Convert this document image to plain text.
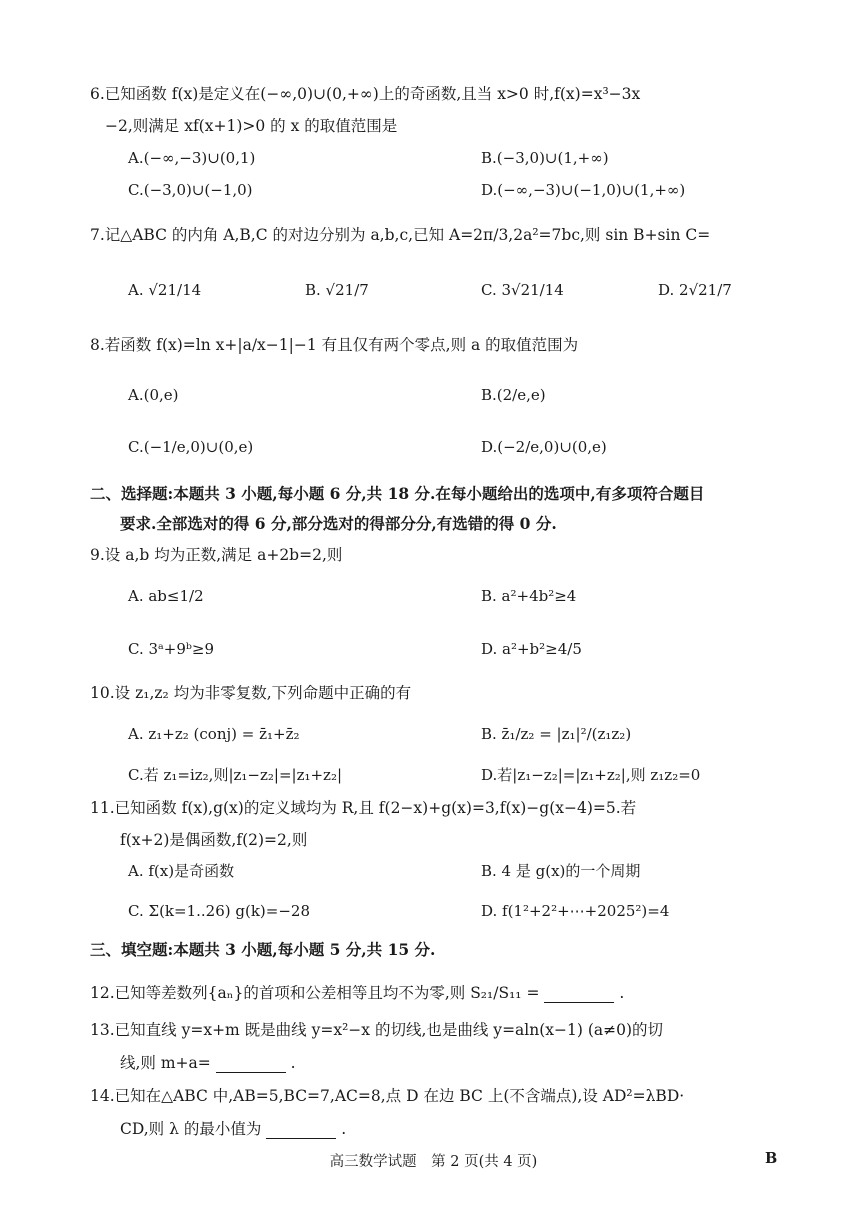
6.已知函数 f(x)是定义在(−∞,0)∪(0,+∞)上的奇函数,且当 x>0 时,f(x)=x³−3x
−2,则满足 xf(x+1)>0 的 x 的取值范围是
A.(−∞,−3)∪(0,1)	B.(−3,0)∪(1,+∞)
C.(−3,0)∪(−1,0)	D.(−∞,−3)∪(−1,0)∪(1,+∞)
7.记△ABC 的内角 A,B,C 的对边分别为 a,b,c,已知 A=2π/3,2a²=7bc,则 sin B+sin C=
A. √21/14	B. √21/7	C. 3√21/14	D. 2√21/7
8.若函数 f(x)=ln x+|a/x−1|−1 有且仅有两个零点,则 a 的取值范围为
A.(0,e)	B.(2/e,e)
C.(−1/e,0)∪(0,e)	D.(−2/e,0)∪(0,e)
二、选择题:本题共 3 小题,每小题 6 分,共 18 分.在每小题给出的选项中,有多项符合题目
要求.全部选对的得 6 分,部分选对的得部分分,有选错的得 0 分.
9.设 a,b 均为正数,满足 a+2b=2,则
A. ab≤1/2	B. a²+4b²≥4
C. 3ᵃ+9ᵇ≥9	D. a²+b²≥4/5
10.设 z₁,z₂ 均为非零复数,下列命题中正确的有
A. z₁+z₂ (conj) = z̄₁+z̄₂	B. z̄₁/z₂ = |z₁|²/(z₁z₂)
C.若 z₁=iz₂,则|z₁−z₂|=|z₁+z₂|	D.若|z₁−z₂|=|z₁+z₂|,则 z₁z₂=0
11.已知函数 f(x),g(x)的定义域均为 R,且 f(2−x)+g(x)=3,f(x)−g(x−4)=5.若
f(x+2)是偶函数,f(2)=2,则
A. f(x)是奇函数	B. 4 是 g(x)的一个周期
C. Σ(k=1..26) g(k)=−28	D. f(1²+2²+⋯+2025²)=4
三、填空题:本题共 3 小题,每小题 5 分,共 15 分.
12.已知等差数列{aₙ}的首项和公差相等且均不为零,则 S₂₁/S₁₁ =	.
13.已知直线 y=x+m 既是曲线 y=x²−x 的切线,也是曲线 y=aln(x−1) (a≠0)的切
线,则 m+a=	.
14.已知在△ABC 中,AB=5,BC=7,AC=8,点 D 在边 BC 上(不含端点),设 AD²=λBD·
CD,则 λ 的最小值为	.
高三数学试题　第 2 页(共 4 页)	B
